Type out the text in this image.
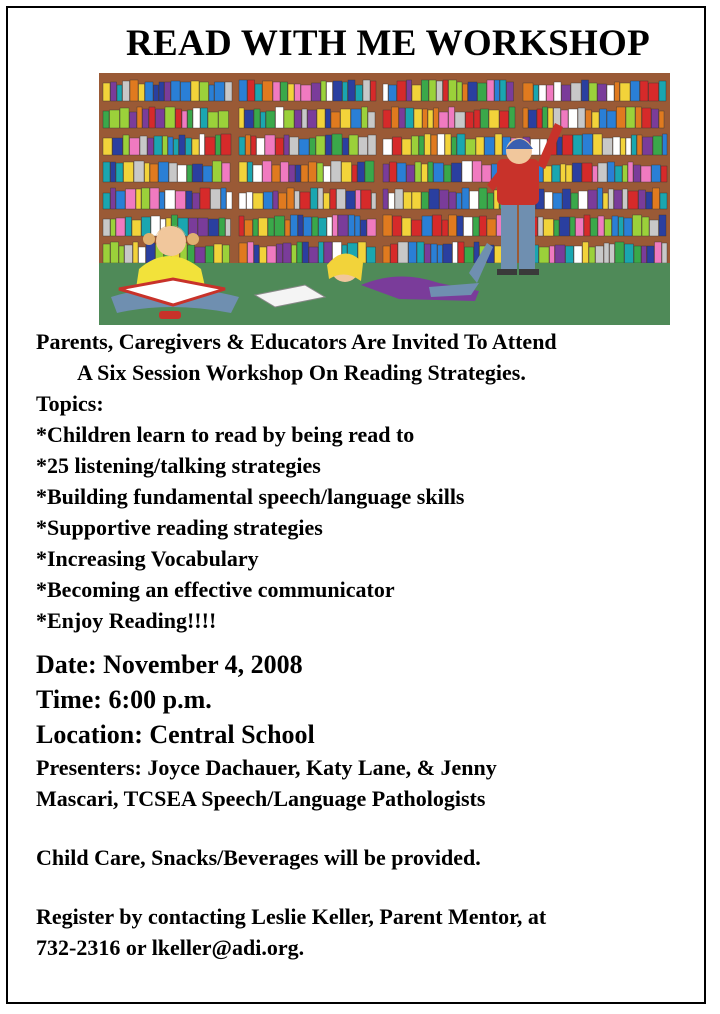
READ WITH ME WORKSHOP
Parents, Caregivers & Educators Are Invited To Attend
A Six Session Workshop On Reading Strategies.
Topics:
*Children learn to read by being read to
*25 listening/talking strategies
*Building fundamental speech/language skills
*Supportive reading strategies
*Increasing Vocabulary
*Becoming an effective communicator
*Enjoy Reading!!!!
Date: November 4, 2008
Time: 6:00 p.m.
Location: Central School
Presenters: Joyce Dachauer, Katy Lane, & Jenny
Mascari, TCSEA Speech/Language Pathologists
Child Care, Snacks/Beverages will be provided.
Register by contacting Leslie Keller, Parent Mentor, at
732-2316 or lkeller@adi.org.
